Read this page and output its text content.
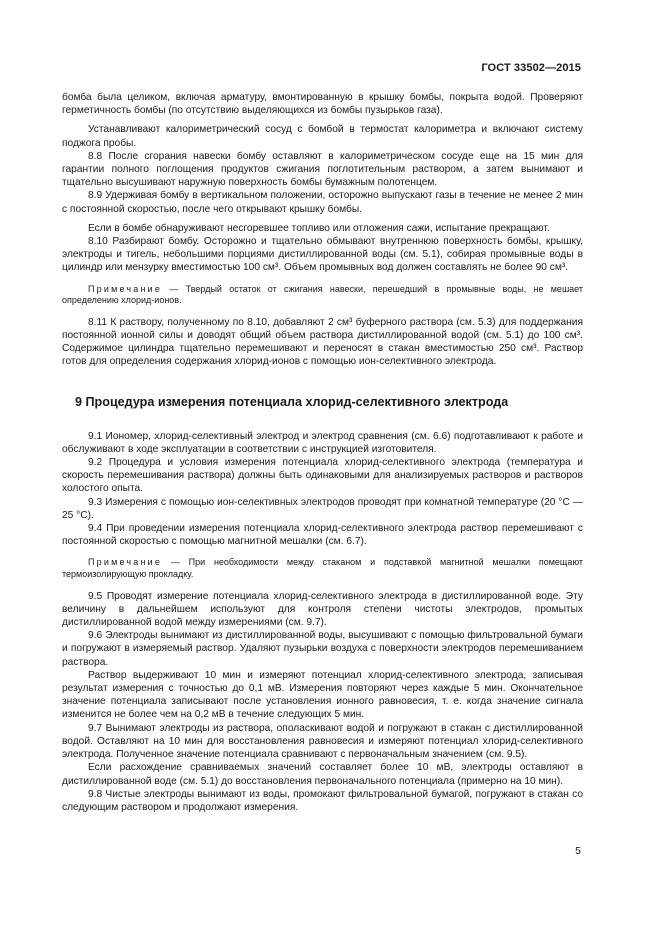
ГОСТ 33502—2015

бомба была целиком, включая арматуру, вмонтированную в крышку бомбы, покрыта водой. Проверяют герметичность бомбы (по отсутствию выделяющихся из бомбы пузырьков газа).

Устанавливают калориметрический сосуд с бомбой в термостат калориметра и включают систему поджога пробы.

8.8 После сгорания навески бомбу оставляют в калориметрическом сосуде еще на 15 мин для гарантии полного поглощения продуктов сжигания поглотительным раствором, а затем вынимают и тщательно высушивают наружную поверхность бомбы бумажным полотенцем.

8.9 Удерживая бомбу в вертикальном положении, осторожно выпускают газы в течение не менее 2 мин с постоянной скоростью, после чего открывают крышку бомбы.

Если в бомбе обнаруживают несгоревшее топливо или отложения сажи, испытание прекращают.

8.10 Разбирают бомбу. Осторожно и тщательно обмывают внутреннюю поверхность бомбы, крышку, электроды и тигель, небольшими порциями дистиллированной воды (см. 5.1), собирая промывные воды в цилиндр или мензурку вместимостью 100 см³. Объем промывных вод должен составлять не более 90 см³.

Примечание — Твердый остаток от сжигания навески, перешедший в промывные воды, не мешает определению хлорид-ионов.

8.11 К раствору, полученному по 8.10, добавляют 2 см³ буферного раствора (см. 5.3) для поддержания постоянной ионной силы и доводят общий объем раствора дистиллированной водой (см. 5.1) до 100 см³. Содержимое цилиндра тщательно перемешивают и переносят в стакан вместимостью 250 см³. Раствор готов для определения содержания хлорид-ионов с помощью ион-селективного электрода.

9 Процедура измерения потенциала хлорид-селективного электрода

9.1 Иономер, хлорид-селективный электрод и электрод сравнения (см. 6.6) подготавливают к работе и обслуживают в ходе эксплуатации в соответствии с инструкцией изготовителя.

9.2 Процедура и условия измерения потенциала хлорид-селективного электрода (температура и скорость перемешивания раствора) должны быть одинаковыми для анализируемых растворов и растворов холостого опыта.

9.3 Измерения с помощью ион-селективных электродов проводят при комнатной температуре (20 °С — 25 °С).

9.4 При проведении измерения потенциала хлорид-селективного электрода раствор перемешивают с постоянной скоростью с помощью магнитной мешалки (см. 6.7).

Примечание — При необходимости между стаканом и подставкой магнитной мешалки помещают термоизолирующую прокладку.

9.5 Проводят измерение потенциала хлорид-селективного электрода в дистиллированной воде. Эту величину в дальнейшем используют для контроля степени чистоты электродов, промытых дистиллированной водой между измерениями (см. 9.7).

9.6 Электроды вынимают из дистиллированной воды, высушивают с помощью фильтровальной бумаги и погружают в измеряемый раствор. Удаляют пузырьки воздуха с поверхности электродов перемешиванием раствора.

Раствор выдерживают 10 мин и измеряют потенциал хлорид-селективного электрода, записывая результат измерения с точностью до 0,1 мВ. Измерения повторяют через каждые 5 мин. Окончательное значение потенциала записывают после установления ионного равновесия, т. е. когда значение сигнала изменится не более чем на 0,2 мВ в течение следующих 5 мин.

9.7 Вынимают электроды из раствора, ополаскивают водой и погружают в стакан с дистиллированной водой. Оставляют на 10 мин для восстановления равновесия и измеряют потенциал хлорид-селективного электрода. Полученное значение потенциала сравнивают с первоначальным значением (см. 9.5).

Если расхождение сравниваемых значений составляет более 10 мВ, электроды оставляют в дистиллированной воде (см. 5.1) до восстановления первоначального потенциала (примерно на 10 мин).

9.8 Чистые электроды вынимают из воды, промокают фильтровальной бумагой, погружают в стакан со следующим раствором и продолжают измерения.

5
